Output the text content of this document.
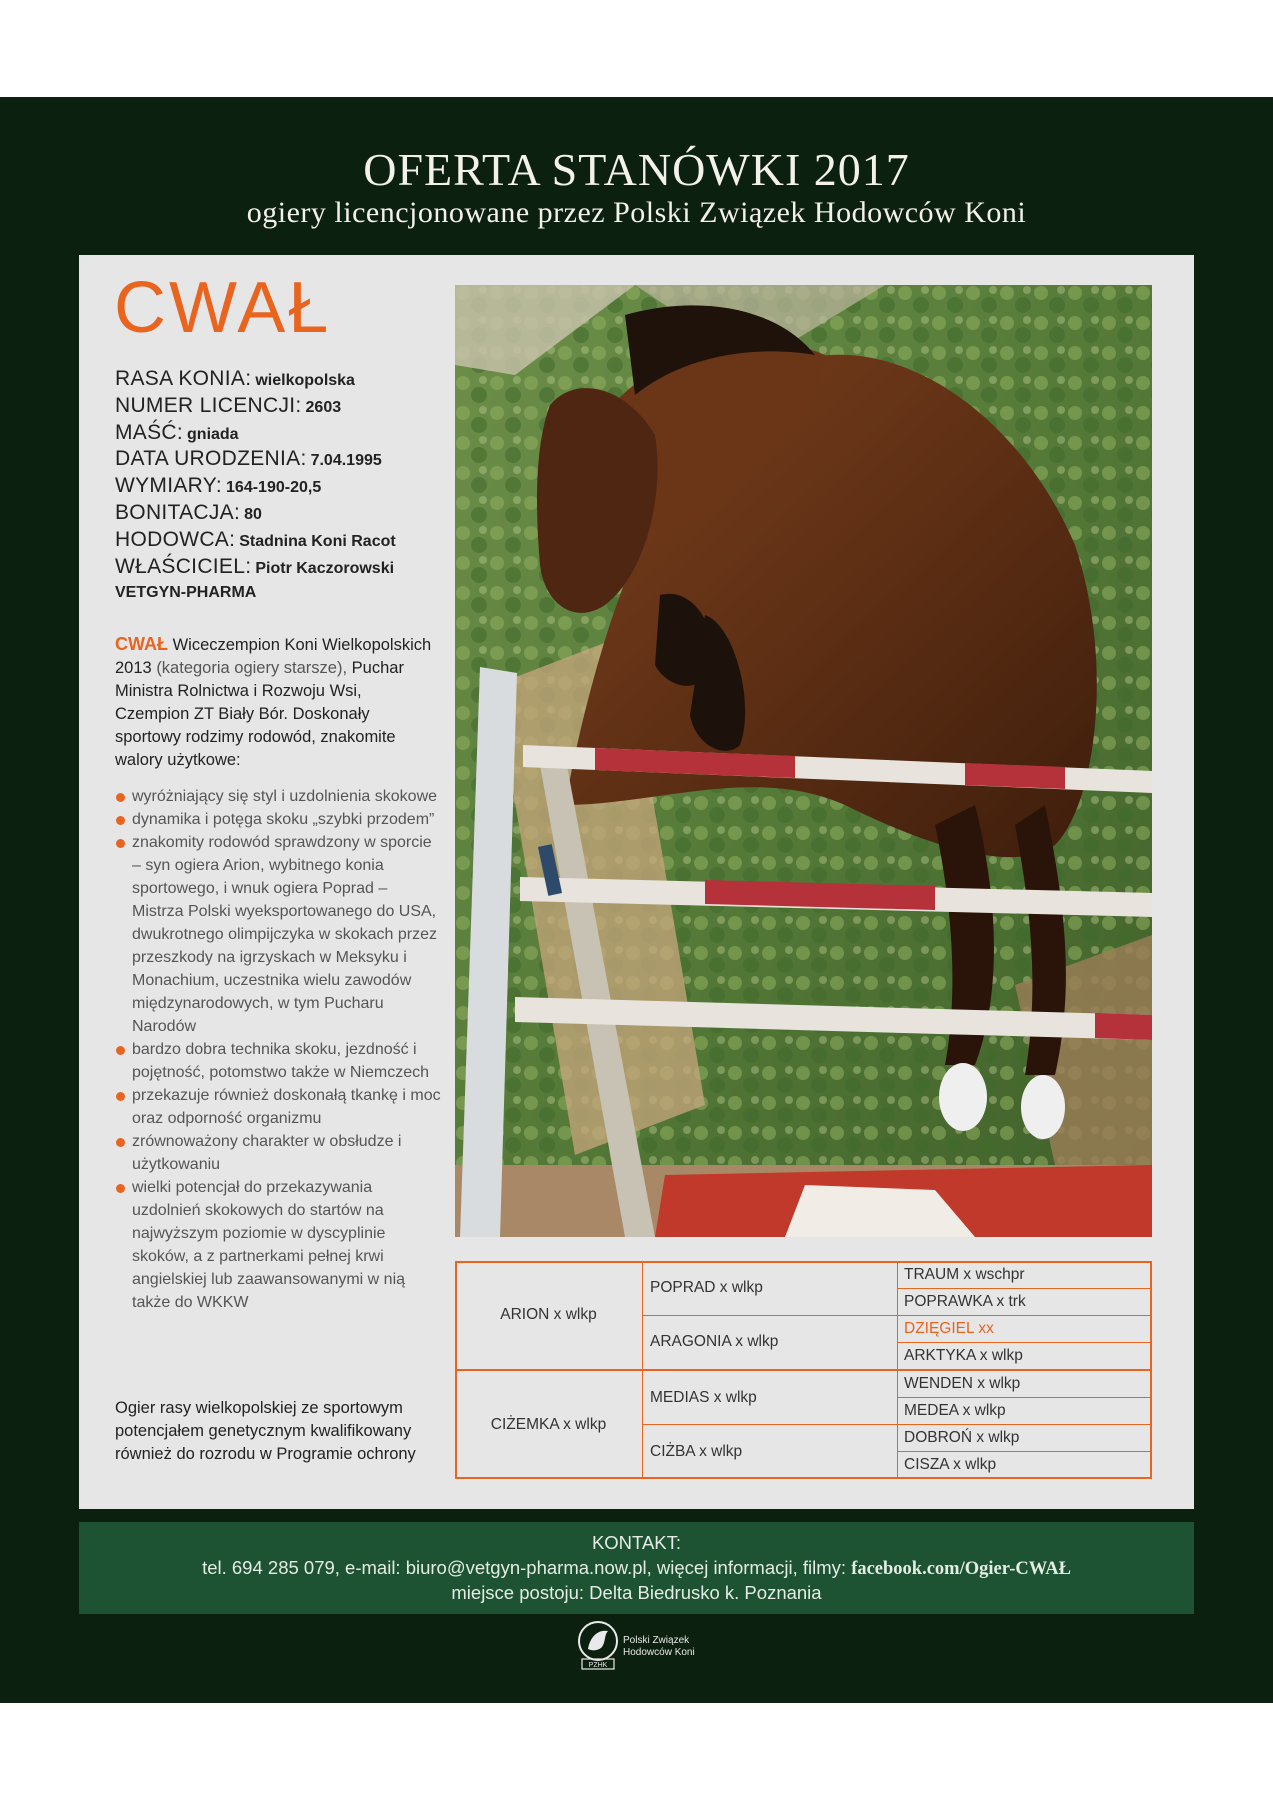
OFERTA STANÓWKI 2017
ogiery licencjonowane przez Polski Związek Hodowców Koni
CWAŁ
RASA KONIA: wielkopolska
NUMER LICENCJI: 2603
MAŚĆ: gniada
DATA URODZENIA: 7.04.1995
WYMIARY: 164-190-20,5
BONITACJA: 80
HODOWCA: Stadnina Koni Racot
WŁAŚCICIEL: Piotr Kaczorowski
VETGYN-PHARMA
CWAŁ Wiceczempion Koni Wielkopolskich 2013 (kategoria ogiery starsze), Puchar Ministra Rolnictwa i Rozwoju Wsi, Czempion ZT Biały Bór. Doskonały sportowy rodzimy rodowód, znakomite walory użytkowe:
wyróżniający się styl i uzdolnienia skokowe
dynamika i potęga skoku „szybki przodem”
znakomity rodowód sprawdzony w sporcie – syn ogiera Arion, wybitnego konia sportowego, i wnuk ogiera Poprad – Mistrza Polski wyeksportowanego do USA, dwukrotnego olimpijczyka w skokach przez przeszkody na igrzyskach w Meksyku i Monachium, uczestnika wielu zawodów międzynarodowych, w tym Pucharu Narodów
bardzo dobra technika skoku, jezdność i pojętność, potomstwo także w Niemczech
przekazuje również doskonałą tkankę i moc oraz odporność organizmu
zrównoważony charakter w obsłudze i użytkowaniu
wielki potencjał do przekazywania uzdolnień skokowych do startów na najwyższym poziomie w dyscyplinie skoków, a z partnerkami pełnej krwi angielskiej lub zaawansowanymi w nią także do WKKW
Ogier rasy wielkopolskiej ze sportowym potencjałem genetycznym kwalifikowany również do rozrodu w Programie ochrony
ARION x wlkp
CIŻEMKA x wlkp
POPRAD x wlkp
ARAGONIA x wlkp
MEDIAS x wlkp
CIŻBA x wlkp
TRAUM x wschpr
POPRAWKA x trk
DZIĘGIEL xx
ARKTYKA x wlkp
WENDEN x wlkp
MEDEA x wlkp
DOBROŃ x wlkp
CISZA x wlkp
KONTAKT:
tel. 694 285 079, e-mail: biuro@vetgyn-pharma.now.pl, więcej informacji, filmy: facebook.com/Ogier-CWAŁ
miejsce postoju: Delta Biedrusko k. Poznania
PZHK
Polski Związek
Hodowców Koni
